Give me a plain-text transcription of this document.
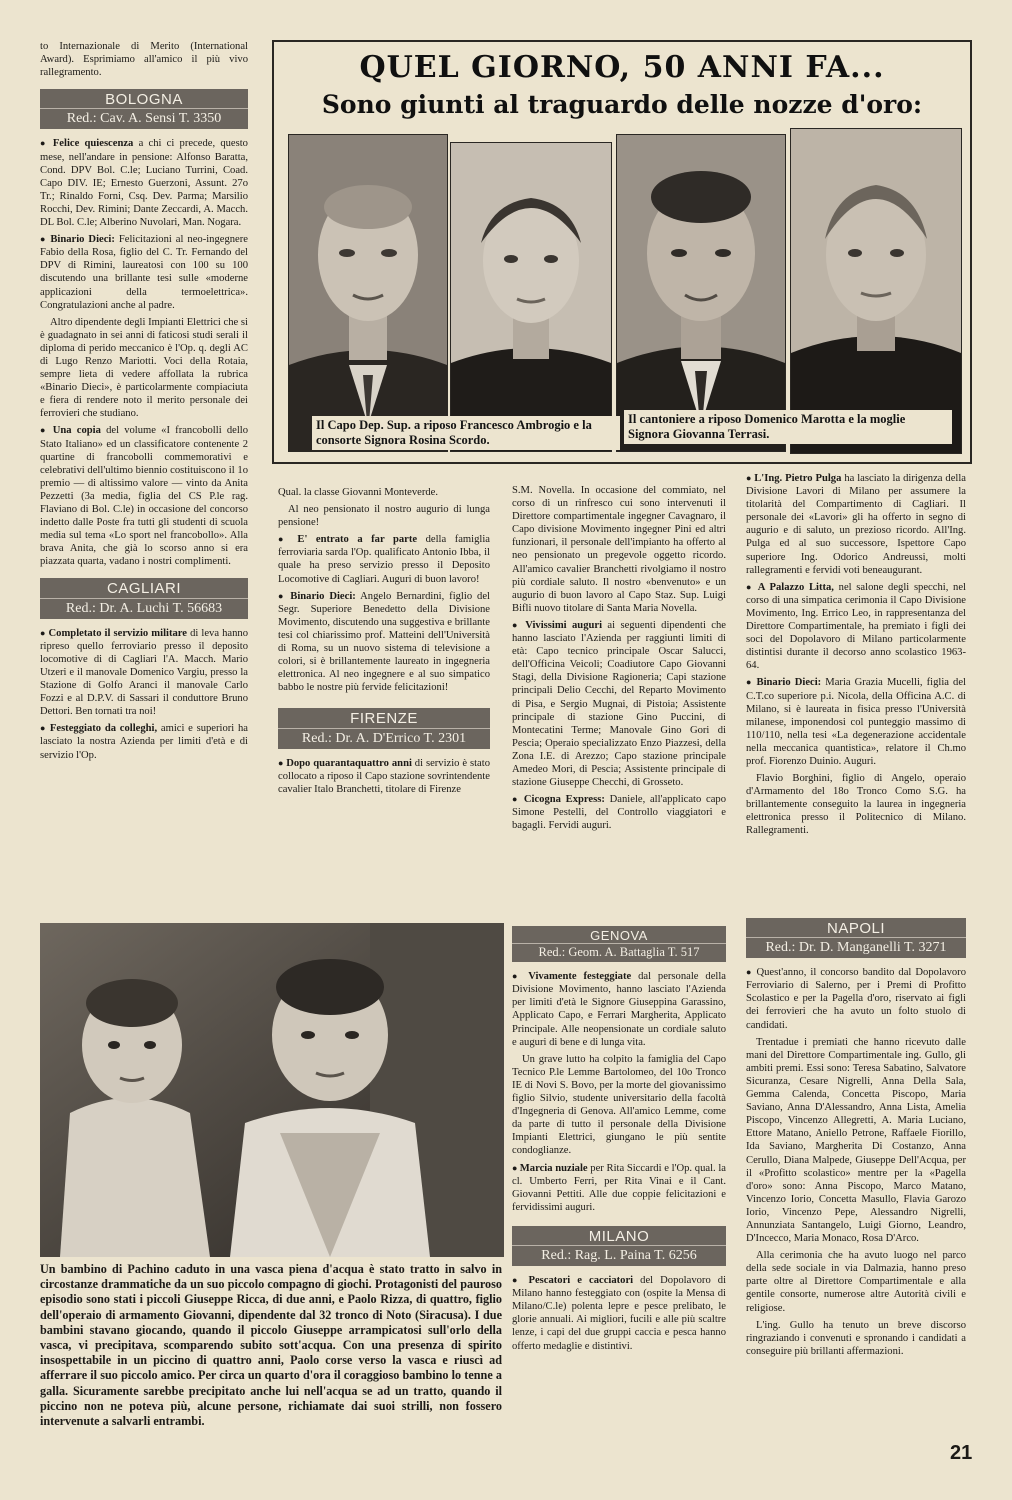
to Internazionale di Merito (International Award). Esprimiamo all'amico il più vivo rallegramento.

BOLOGNA
Red.: Cav. A. Sensi T. 3350

● Felice quiescenza a chi ci precede, questo mese, nell'andare in pensione: Alfonso Baratta, Cond. DPV Bol. C.le; Luciano Turrini, Coad. Capo DIV. IE; Ernesto Guerzoni, Assunt. 27o Tr.; Rinaldo Forni, Csq. Dev. Parma; Marsilio Rocchi, Dev. Rimini; Dante Zeccardi, A. Macch. DL Bol. C.le; Alberino Nuvolari, Man. Nogara.

● Binario Dieci: Felicitazioni al neo-ingegnere Fabio della Rosa, figlio del C. Tr. Fernando del DPV di Rimini, laureatosi con 100 su 100 discutendo una brillante tesi sulle «moderne applicazioni della termoelettrica». Congratulazioni anche al padre.

Altro dipendente degli Impianti Elettrici che si è guadagnato in sei anni di faticosi studi serali il diploma di perido meccanico è l'Op. q. degli AC di Lugo Renzo Mariotti. Voci della Rotaia, sempre lieta di vedere affollata la rubrica «Binario Dieci», è particolarmente compiaciuta e fiera di rendere noto il merito personale dei ferrovieri che studiano.

● Una copia del volume «I francobolli dello Stato Italiano» ed un classificatore contenente 2 quartine di francobolli commemorativi e celebrativi dell'ultimo biennio costituiscono il 1o premio — di altissimo valore — vinto da Anita Pezzetti (3a media, figlia del CS P.le rag. Flaviano di Bol. C.le) in occasione del concorso indetto dalle Poste fra tutti gli studenti di scuola media sul tema «Lo sport nel francobollo». Alla brava Anita, che già lo scorso anno si era piazzata quarta, vadano i nostri complimenti.

CAGLIARI
Red.: Dr. A. Luchi T. 56683

● Completato il servizio militare di leva hanno ripreso quello ferroviario presso il deposito locomotive di di Cagliari l'A. Macch. Mario Utzeri e il manovale Domenico Vargiu, presso la Stazione di Golfo Aranci il manovale Carlo Fozzi e al D.P.V. di Sassari il conduttore Bruno Dettori. Ben tornati tra noi!

● Festeggiato da colleghi, amici e superiori ha lasciato la nostra Azienda per limiti d'età e di servizio l'Op.

Qual. la classe Giovanni Monteverde.

Al neo pensionato il nostro augurio di lunga pensione!

● E' entrato a far parte della famiglia ferroviaria sarda l'Op. qualificato Antonio Ibba, il quale ha preso servizio presso il Deposito Locomotive di Cagliari. Auguri di buon lavoro!

● Binario Dieci: Angelo Bernardini, figlio del Segr. Superiore Benedetto della Divisione Movimento, discutendo una suggestiva e brillante tesi col chiarissimo prof. Matteini dell'Università di Roma, su un nuovo sistema di televisione a colori, si è brillantemente laureato in ingegneria elettronica. Al neo ingegnere e al suo simpatico babbo le nostre più fervide felicitazioni!

FIRENZE
Red.: Dr. A. D'Errico T. 2301

● Dopo quarantaquattro anni di servizio è stato collocato a riposo il Capo stazione sovrintendente cavalier Italo Branchetti, titolare di Firenze

S.M. Novella. In occasione del commiato, nel corso di un rinfresco cui sono intervenuti il Direttore compartimentale ingegner Cavagnaro, il Capo divisione Movimento ingegner Pini ed altri funzionari, il personale dell'impianto ha offerto al neo pensionato un pregevole oggetto ricordo. All'amico cavalier Branchetti rivolgiamo il nostro più cordiale saluto. Il nostro «benvenuto» e un augurio di buon lavoro al Capo Staz. Sup. Luigi Bifli nuovo titolare di Santa Maria Novella.

● Vivissimi auguri ai seguenti dipendenti che hanno lasciato l'Azienda per raggiunti limiti di età: Capo tecnico principale Oscar Salucci, dell'Officina Veicoli; Coadiutore Capo Giovanni Stagi, della Divisione Ragioneria; Capi stazione principali Delio Cecchi, del Reparto Movimento di Pisa, e Sergio Mugnai, di Pistoia; Assistente principale di stazione Gino Puccini, di Montecatini Terme; Manovale Gino Gori di Pescia; Operaio specializzato Enzo Piazzesi, della Zona I.E. di Arezzo; Capo stazione principale Amedeo Mori, di Pescia; Assistente principale di stazione Giuseppe Checchi, di Grosseto.

● Cicogna Express: Daniele, all'applicato capo Simone Pestelli, del Controllo viaggiatori e bagagli. Fervidi auguri.

GENOVA
Red.: Geom. A. Battaglia T. 517

● Vivamente festeggiate dal personale della Divisione Movimento, hanno lasciato l'Azienda per limiti d'età le Signore Giuseppina Garassino, Applicato Capo, e Ferrari Margherita, Applicato Principale. Alle neopensionate un cordiale saluto e auguri di bene e di lunga vita.

Un grave lutto ha colpito la famiglia del Capo Tecnico P.le Lemme Bartolomeo, del 10o Tronco IE di Novi S. Bovo, per la morte del giovanissimo figlio Silvio, studente universitario della facoltà d'Ingegneria di Genova. All'amico Lemme, come da parte di tutto il personale della Divisione Impianti Elettrici, giungano le più sentite condoglianze.

● Marcia nuziale per Rita Siccardi e l'Op. qual. la cl. Umberto Ferri, per Rita Vinai e il Cant. Giovanni Pettiti. Alle due coppie felicitazioni e fervidissimi auguri.

MILANO
Red.: Rag. L. Paina T. 6256

● Pescatori e cacciatori del Dopolavoro di Milano hanno festeggiato con (ospite la Mensa di Milano/C.le) polenta lepre e pesce prelibato, le glorie annuali. Ai migliori, fucili e alle più scaltre lenze, i capi del due gruppi caccia e pesca hanno offerto medaglie e distintivi.

● L'Ing. Pietro Pulga ha lasciato la dirigenza della Divisione Lavori di Milano per assumere la titolarità del Compartimento di Cagliari. Il personale dei «Lavori» gli ha offerto in segno di augurio e di saluto, un prezioso ricordo. All'Ing. Pulga ed al suo successore, Ispettore Capo superiore Ing. Odorico Andreussi, molti rallegramenti e fervidi voti beneaugurant.

● A Palazzo Litta, nel salone degli specchi, nel corso di una simpatica cerimonia il Capo Divisione Movimento, Ing. Errico Leo, in rappresentanza del Direttore Compartimentale, ha premiato i figli dei soci del Dopolavoro di Milano particolarmente distintisi durante il decorso anno scolastico 1963-64.

● Binario Dieci: Maria Grazia Mucelli, figlia del C.T.co superiore p.i. Nicola, della Officina A.C. di Milano, si è laureata in fisica presso l'Università milanese, imponendosi col punteggio massimo di 110/110, nella tesi «La degenerazione accidentale nella meccanica quantistica», relatore il Ch.mo prof. Fiorenzo Duinio. Auguri.

Flavio Borghini, figlio di Angelo, operaio d'Armamento del 18o Tronco Como S.G. ha brillantemente conseguito la laurea in ingegneria elettronica presso il Politecnico di Milano. Rallegramenti.

NAPOLI
Red.: Dr. D. Manganelli T. 3271

● Quest'anno, il concorso bandito dal Dopolavoro Ferroviario di Salerno, per i Premi di Profitto Scolastico e per la Pagella d'oro, riservato ai figli dei ferrovieri che ha avuto un folto stuolo di candidati.

Trentadue i premiati che hanno ricevuto dalle mani del Direttore Compartimentale ing. Gullo, gli ambiti premi. Essi sono: Teresa Sabatino, Salvatore Sicuranza, Cesare Nigrelli, Anna Della Sala, Gemma Calenda, Concetta Piscopo, Maria Saviano, Anna D'Alessandro, Anna Lista, Amelia Piscopo, Vincenzo Allegretti, A. Maria Luciano, Ettore Matano, Aniello Petrone, Raffaele Fiorillo, Ida Saviano, Margherita Di Costanzo, Anna Cerullo, Diana Malpede, Giuseppe Dell'Acqua, per il «Profitto scolastico» mentre per la «Pagella d'oro» sono: Anna Piscopo, Marco Matano, Vincenzo Iorio, Concetta Masullo, Flavia Garozo Iorio, Vincenzo Pepe, Alessandro Nigrelli, Annunziata Santangelo, Luigi Giorno, Leandro, D'Incecco, Maria Monaco, Rosa D'Arco.

Alla cerimonia che ha avuto luogo nel parco della sede sociale in via Dalmazia, hanno preso parte oltre al Direttore Compartimentale e alla gentile consorte, numerose altre Autorità civili e religiose.

L'ing. Gullo ha tenuto un breve discorso ringraziando i convenuti e spronando i candidati a conseguire più brillanti affermazioni.

QUEL GIORNO, 50 ANNI FA...
Sono giunti al traguardo delle nozze d'oro:
Il Capo Dep. Sup. a riposo Francesco Ambrogio e la consorte Signora Rosina Scordo.
Il cantoniere a riposo Domenico Marotta e la moglie Signora Giovanna Terrasi.
Un bambino di Pachino caduto in una vasca piena d'acqua è stato tratto in salvo in circostanze drammatiche da un suo piccolo compagno di giochi. Protagonisti del pauroso episodio sono stati i piccoli Giuseppe Ricca, di due anni, e Paolo Rizza, di quattro, figlio dell'operaio di armamento Giovanni, dipendente dal 32 tronco di Noto (Siracusa). I due bambini stavano giocando, quando il piccolo Giuseppe arrampicatosi sull'orlo della vasca, vi precipitava, scomparendo subito sott'acqua. Con una presenza di spirito insospettabile in un piccino di quattro anni, Paolo corse verso la vasca e riuscì ad afferrare il suo piccolo amico. Per circa un quarto d'ora il coraggioso bambino lo tenne a galla. Sicuramente sarebbe precipitato anche lui nell'acqua se ad un tratto, quando il piccino non ne poteva più, alcune persone, richiamate dai suoi strilli, non fossero intervenute a salvarli entrambi.
21
